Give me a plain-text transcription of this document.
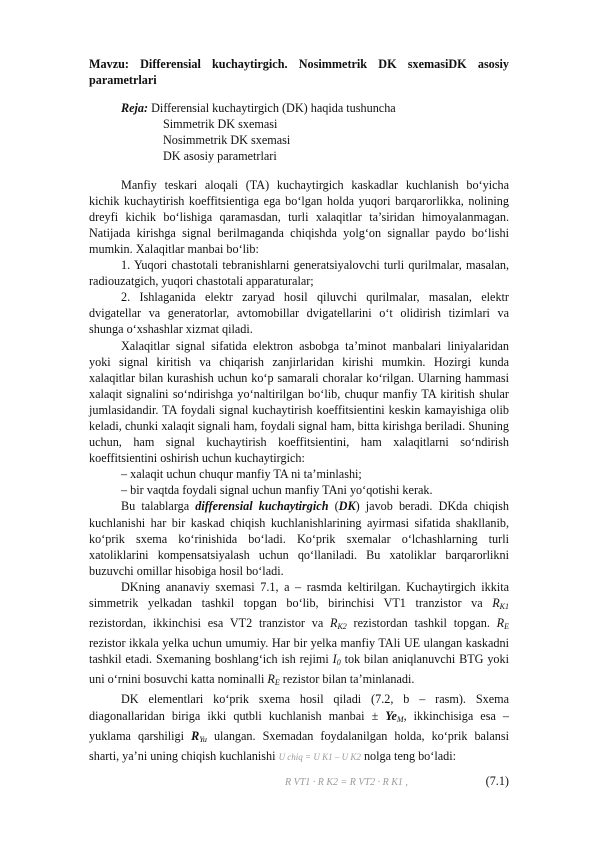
Mavzu: Differensial kuchaytirgich. Nosimmetrik DK sxemasiDK asosiy

parametrlari

Reja: Differensial kuchaytirgich (DK) haqida tushuncha
Simmetrik DK sxemasi
Nosimmetrik DK sxemasi
DK asosiy parametrlari

Manfiy teskari aloqali (TA) kuchaytirgich kaskadlar kuchlanish bo‘yicha kichik kuchaytirish koeffitsientiga ega bo‘lgan holda yuqori barqarorlikka, nolining dreyfi kichik bo‘lishiga qaramasdan, turli xalaqitlar ta’siridan himoyalanmagan. Natijada kirishga signal berilmaganda chiqishda yolg‘on signallar paydo bo‘lishi mumkin. Xalaqitlar manbai bo‘lib:

1. Yuqori chastotali tebranishlarni generatsiyalovchi turli qurilmalar, masalan, radiouzatgich, yuqori chastotali apparaturalar;

2. Ishlaganida elektr zaryad hosil qiluvchi qurilmalar, masalan, elektr dvigatellar va generatorlar, avtomobillar dvigatellarini o‘t olidirish tizimlari va shunga o‘xshashlar xizmat qiladi.

Xalaqitlar signal sifatida elektron asbobga ta’minot manbalari liniyalaridan yoki signal kiritish va chiqarish zanjirlaridan kirishi mumkin. Hozirgi kunda xalaqitlar bilan kurashish uchun ko‘p samarali choralar ko‘rilgan. Ularning hammasi xalaqit signalini so‘ndirishga yo‘naltirilgan bo‘lib, chuqur manfiy TA kiritish shular jumlasidandir. TA foydali signal kuchaytirish koeffitsientini keskin kamayishiga olib keladi, chunki xalaqit signali ham, foydali signal ham, bitta kirishga beriladi. Shuning uchun, ham signal kuchaytirish koeffitsientini, ham xalaqitlarni so‘ndirish koeffitsientini oshirish uchun kuchaytirgich:

– xalaqit uchun chuqur manfiy TA ni ta’minlashi;

– bir vaqtda foydali signal uchun manfiy TAni yo‘qotishi kerak.

Bu talablarga differensial kuchaytirgich (DK) javob beradi. DKda chiqish kuchlanishi har bir kaskad chiqish kuchlanishlarining ayirmasi sifatida shakllanib, ko‘prik sxema ko‘rinishida bo‘ladi. Ko‘prik sxemalar o‘lchashlarning turli xatoliklarini kompensatsiyalash uchun qo‘llaniladi. Bu xatoliklar barqarorlikni buzuvchi omillar hisobiga hosil bo‘ladi.

DKning anаnaviy sxemasi 7.1, a – rasmda keltirilgan. Kuchaytirgich ikkita simmetrik yelkadan tashkil topgan bo‘lib, birinchisi VT1 tranzistor va $R_{K1}$ rezistordan, ikkinchisi esa VT2 tranzistor va $R_{K2}$ rezistordan tashkil topgan. $R_E$ rezistor ikkala yelka uchun umumiy. Har bir yelka manfiy TAli UE ulangan kaskadni tashkil etadi. Sxemaning boshlang‘ich ish rejimi $I_0$ tok bilan aniqlanuvchi BTG yoki uni o‘rnini bosuvchi katta nominalli $R_E$ rezistor bilan ta’minlanadi.

DK elementlari ko‘prik sxema hosil qiladi (7.2, b – rasm). Sxema diagonallaridan biriga ikki qutbli kuchlanish manbai ± $Ye_M$, ikkinchisiga esa – yuklama qarshiligi $R_{Yu}$ ulangan. Sxemadan foydalanilgan holda, ko‘prik balansi sharti, ya’ni uning chiqish kuchlanishi U chiq = U K1 – U K2 nolga teng bo‘ladi:

R VT1 · R K2 = R VT2 · R K1 ,	(7.1)
